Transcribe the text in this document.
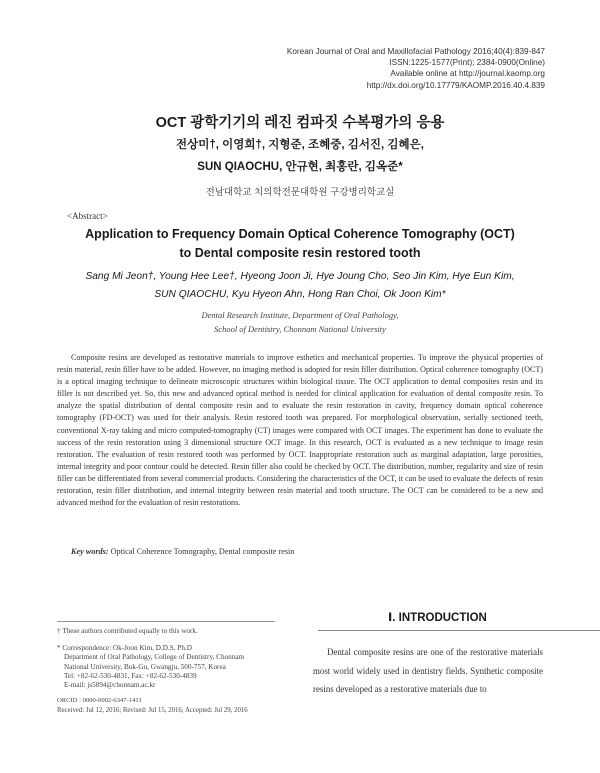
Korean Journal of Oral and Maxillofacial Pathology 2016;40(4):839-847
ISSN:1225-1577(Print); 2384-0900(Online)
Available online at http://journal.kaomp.org
http://dx.doi.org/10.17779/KAOMP.2016.40.4.839
OCT 광학기기의 레진 컴파짓 수복평가의 응용
전상미†, 이영희†, 지형준, 조혜중, 김서진, 김혜은,
SUN QIAOCHU, 안규현, 최홍란, 김옥준*
전남대학교 치의학전문대학원 구강병리학교실
<Abstract>
Application to Frequency Domain Optical Coherence Tomography (OCT)
to Dental composite resin restored tooth
Sang Mi Jeon†, Young Hee Lee†, Hyeong Joon Ji, Hye Joung Cho, Seo Jin Kim, Hye Eun Kim,
SUN QIAOCHU, Kyu Hyeon Ahn, Hong Ran Choi, Ok Joon Kim*
Dental Research Institute, Department of Oral Pathology,
School of Dentistry, Chonnam National University

Composite resins are developed as restorative materials to improve esthetics and mechanical properties. To improve the physical properties of resin material, resin filler have to be added. However, no imaging method is adopted for resin filler distribution. Optical coherence tomography (OCT) is a optical imaging technique to delineate microscopic structures within biological tissue. The OCT application to dental composites resin and its filler is not described yet. So, this new and advanced optical method is needed for clinical application for evaluation of dental composite resin. To analyze the spatial distribution of dental composite resin and to evaluate the resin restoration in cavity, frequency domain optical coherence tomography (FD-OCT) was used for their analysis. Resin restored tooth was prepared. For morphological observation, serially sectioned teeth, conventional X-ray taking and micro computed-tomography (CT) images were compared with OCT images. The experiment has done to evaluate the success of the resin restoration using 3 dimensional structure OCT image. In this research, OCT is evaluated as a new technique to image resin restoration. The evaluation of resin restored tooth was performed by OCT. Inappropriate restoration such as marginal adaptation, large porosities, internal integrity and poor contour could be detected. Resin filler also could be checked by OCT. The distribution, number, regularity and size of resin filler can be differentiated from several commercial products. Considering the characteristics of the OCT, it can be used to evaluate the defects of resin restoration, resin filler distribution, and internal integrity between resin material and tooth structure. The OCT can be considered to be a new and advanced method for the evaluation of resin restorations.

Key words: Optical Coherence Tomography, Dental composite resin
Ⅰ. INTRODUCTION

Dental composite resins are one of the restorative materials most world widely used in dentistry fields. Synthetic composite resins developed as a restorative materials due to

† These authors contributed equally to this work.
* Correspondence: Ok-Joon Kim, D.D.S, Ph.D
Department of Oral Pathology, College of Dentistry, Chonnam
National University, Buk-Gu, Gwangju, 500-757, Korea
Tel: +82-62-530-4831, Fax: +82-62-530-4839
E-mail: js5894@chonnam.ac.kr
ORCID : 0000-0002-6347-1411
Received: Jul 12, 2016; Revised: Jul 15, 2016; Accepted: Jul 29, 2016
